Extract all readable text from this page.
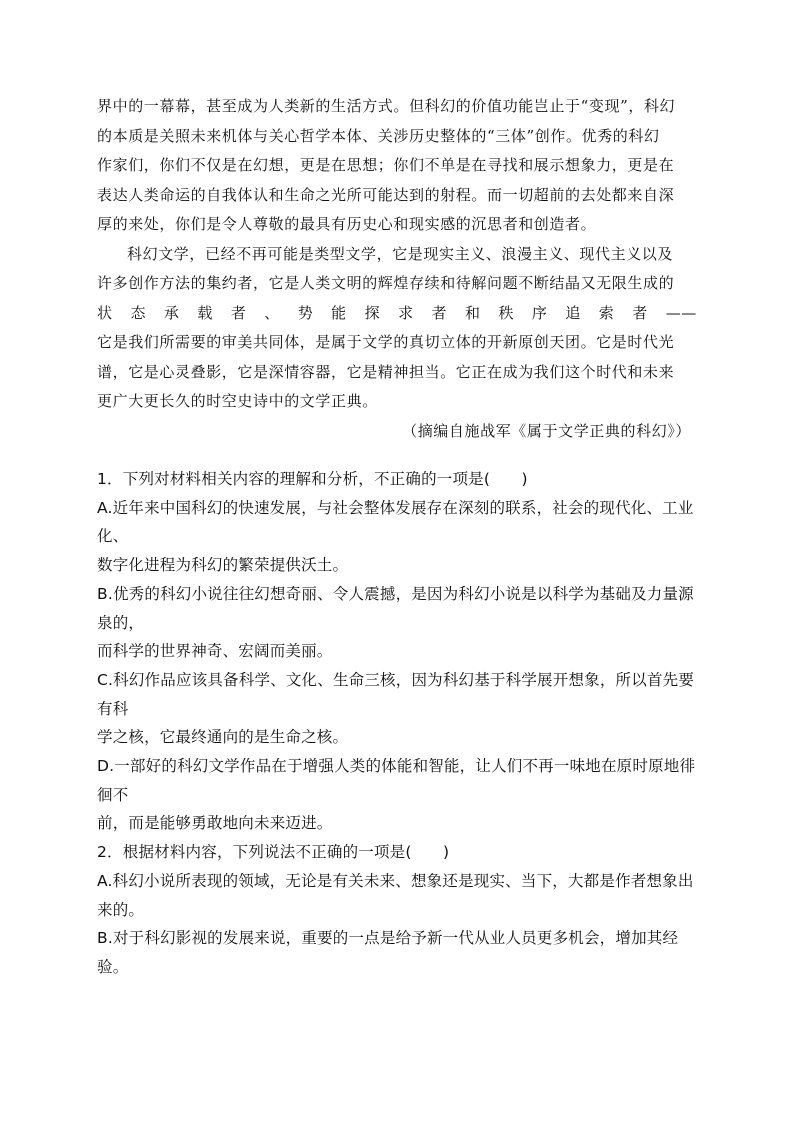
界中的一幕幕，甚至成为人类新的生活方式。但科幻的价值功能岂止于“变现”，科幻
的本质是关照未来机体与关心哲学本体、关涉历史整体的“三体”创作。优秀的科幻
作家们，你们不仅是在幻想，更是在思想；你们不单是在寻找和展示想象力，更是在
表达人类命运的自我体认和生命之光所可能达到的射程。而一切超前的去处都来自深
厚的来处，你们是令人尊敬的最具有历史心和现实感的沉思者和创造者。

科幻文学，已经不再可能是类型文学，它是现实主义、浪漫主义、现代主义以及
许多创作方法的集约者，它是人类文明的辉煌存续和待解问题不断结晶又无限生成的
状 态 承 载 者 、 势 能 探 求 者 和 秩 序 追 索 者 ——
它是我们所需要的审美共同体，是属于文学的真切立体的开新原创天团。它是时代光
谱，它是心灵叠影，它是深情容器，它是精神担当。它正在成为我们这个时代和未来
更广大更长久的时空史诗中的文学正典。

（摘编自施战军《属于文学正典的科幻》）

1．下列对材料相关内容的理解和分析，不正确的一项是(　　)

A.近年来中国科幻的快速发展，与社会整体发展存在深刻的联系，社会的现代化、工业化、
数字化进程为科幻的繁荣提供沃土。

B.优秀的科幻小说往往幻想奇丽、令人震撼，是因为科幻小说是以科学为基础及力量源泉的，
而科学的世界神奇、宏阔而美丽。

C.科幻作品应该具备科学、文化、生命三核，因为科幻基于科学展开想象，所以首先要有科
学之核，它最终通向的是生命之核。

D.一部好的科幻文学作品在于增强人类的体能和智能，让人们不再一味地在原时原地徘徊不
前，而是能够勇敢地向未来迈进。

2．根据材料内容，下列说法不正确的一项是(　　)

A.科幻小说所表现的领域，无论是有关未来、想象还是现实、当下，大都是作者想象出来的。

B.对于科幻影视的发展来说，重要的一点是给予新一代从业人员更多机会，增加其经验。
